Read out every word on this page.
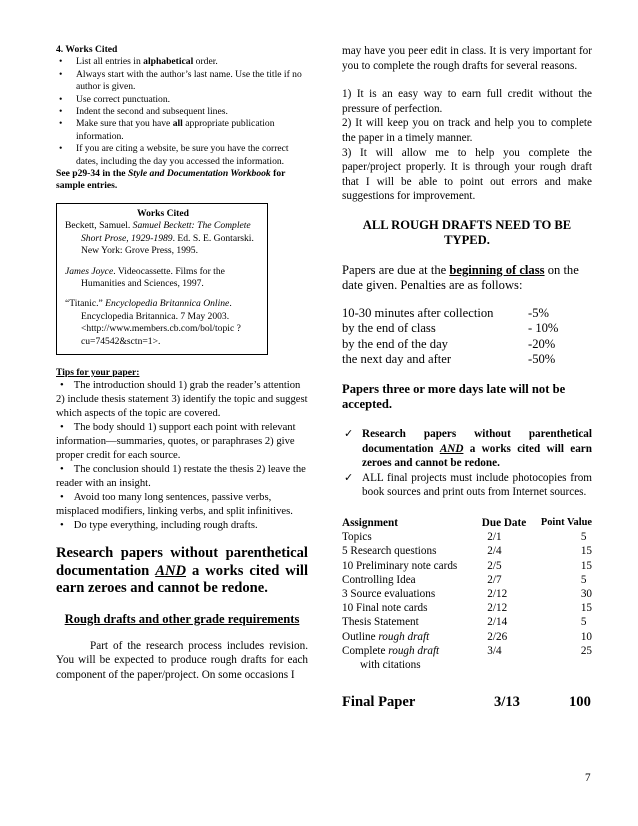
4. Works Cited
• List all entries in alphabetical order.
• Always start with the author’s last name. Use the title if no author is given.
• Use correct punctuation.
• Indent the second and subsequent lines.
• Make sure that you have all appropriate publication information.
• If you are citing a website, be sure you have the correct dates, including the day you accessed the information.
See p29-34 in the Style and Documentation Workbook for sample entries.
Works Cited

Beckett, Samuel. Samuel Beckett: The Complete Short Prose, 1929-1989. Ed. S. E. Gontarski. New York: Grove Press, 1995.

James Joyce. Videocassette. Films for the Humanities and Sciences, 1997.

“Titanic.” Encyclopedia Britannica Online. Encyclopedia Britannica. 7 May 2003. <http://www.members.cb.com/bol/topic ?cu=74542&sctn=1>.

Tips for your paper:
• The introduction should 1) grab the reader’s attention 2) include thesis statement 3) identify the topic and suggest which aspects of the topic are covered.
• The body should 1) support each point with relevant information—summaries, quotes, or paraphrases 2) give proper credit for each source.
• The conclusion should 1) restate the thesis 2) leave the reader with an insight.
• Avoid too many long sentences, passive verbs, misplaced modifiers, linking verbs, and split infinitives.
• Do type everything, including rough drafts.
Research papers without parenthetical documentation AND a works cited will earn zeroes and cannot be redone.
Rough drafts and other grade requirements
Part of the research process includes revision. You will be expected to produce rough drafts for each component of the paper/project. On some occasions I
may have you peer edit in class. It is very important for you to complete the rough drafts for several reasons.
1) It is an easy way to earn full credit without the pressure of perfection.
2) It will keep you on track and help you to complete the paper in a timely manner.
3) It will allow me to help you complete the paper/project properly. It is through your rough draft that I will be able to point out errors and make suggestions for improvement.
ALL ROUGH DRAFTS NEED TO BE TYPED.
Papers are due at the beginning of class on the date given. Penalties are as follows:
10-30 minutes after collection	-5%
by the end of class	- 10%
by the end of the day	-20%
the next day and after	-50%
Papers three or more days late will not be accepted.
✓ Research papers without parenthetical documentation AND a works cited will earn zeroes and cannot be redone.
✓ ALL final projects must include photocopies from book sources and print outs from Internet sources.
Assignment	Due Date	Point Value
Topics	2/1	5
5 Research questions	2/4	15
10 Preliminary note cards	2/5	15
Controlling Idea	2/7	5
3 Source evaluations	2/12	30
10 Final note cards	2/12	15
Thesis Statement	2/14	5
Outline rough draft	2/26	10
Complete rough draft
with citations	3/4	25
Final Paper	3/13	100
7
